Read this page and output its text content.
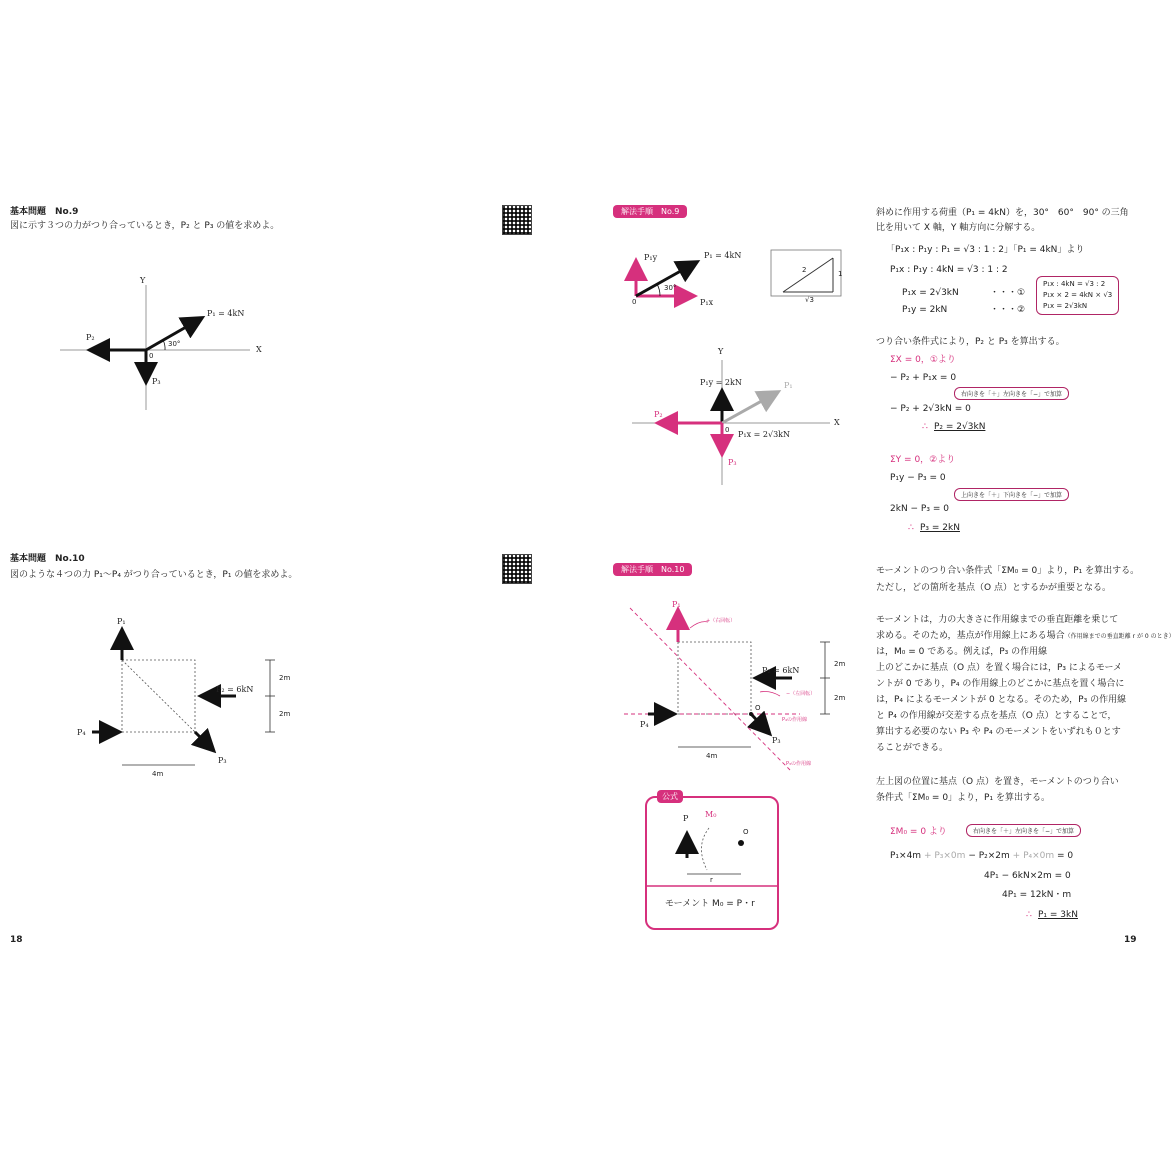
基本問題　No.9
図に示す３つの力がつり合っているとき，P₂ と P₃ の値を求めよ。
Y
X
P₁ = 4kN
P₂
P₃
30°
0
基本問題　No.10
図のような４つの力 P₁～P₄ がつり合っているとき，P₁ の値を求めよ。
P₁
P₂ = 6kN
P₃
P₄
2m
2m
4m
18
解法手順　No.9
P₁y
P₁x
P₁ = 4kN
30°
0
1
2
√3
Y
X
P₁y = 2kN
P₁x = 2√3kN
P₁
P₂
P₃
0
斜めに作用する荷重（P₁ = 4kN）を，30°　60°　90° の三角
比を用いて X 軸，Y 軸方向に分解する。
「P₁x : P₁y : P₁ = √3 : 1 : 2」「P₁ = 4kN」より
P₁x : P₁y : 4kN = √3 : 1 : 2
P₁x = 2√3kN	・・・①
P₁y = 2kN	・・・②
P₁x : 4kN = √3 : 2
P₁x × 2 = 4kN × √3
P₁x = 2√3kN
つり合い条件式により，P₂ と P₃ を算出する。
ΣX = 0，①より
− P₂ + P₁x = 0
右向きを「＋」左向きを「−」で加算
− P₂ + 2√3kN = 0
∴ P₂ = 2√3kN
ΣY = 0，②より
P₁y − P₃ = 0
上向きを「＋」下向きを「−」で加算
2kN − P₃ = 0
∴ P₃ = 2kN
解法手順　No.10
P₁
P₂ = 6kN
P₃
P₄
2m
2m
4m
O
P₄の作用線
P₃の作用線
+（右回転）
−（左回転）
公式
P M₀
O
r
モーメント M₀ = P・r
モーメントのつり合い条件式「ΣM₀ = 0」より，P₁ を算出する。
ただし，どの箇所を基点（O 点）とするかが重要となる。
モーメントは，力の大きさに作用線までの垂直距離を乗じて
求める。そのため，基点が作用線上にある場合（作用線までの垂直距離 r が 0 のとき）
は，M₀ = 0 である。例えば，P₃ の作用線
上のどこかに基点（O 点）を置く場合には，P₃ によるモーメ
ントが 0 であり，P₄ の作用線上のどこかに基点を置く場合に
は，P₄ によるモーメントが 0 となる。そのため，P₃ の作用線
と P₄ の作用線が交差する点を基点（O 点）とすることで，
算出する必要のない P₃ や P₄ のモーメントをいずれも０とす
ることができる。
左上図の位置に基点（O 点）を置き，モーメントのつり合い
条件式「ΣM₀ = 0」より，P₁ を算出する。
ΣM₀ = 0 より	右向きを「＋」左向きを「−」で加算
P₁×4m + P₃×0m − P₂×2m + P₄×0m = 0
4P₁ − 6kN×2m = 0
4P₁ = 12kN・m
∴ P₁ = 3kN
19
